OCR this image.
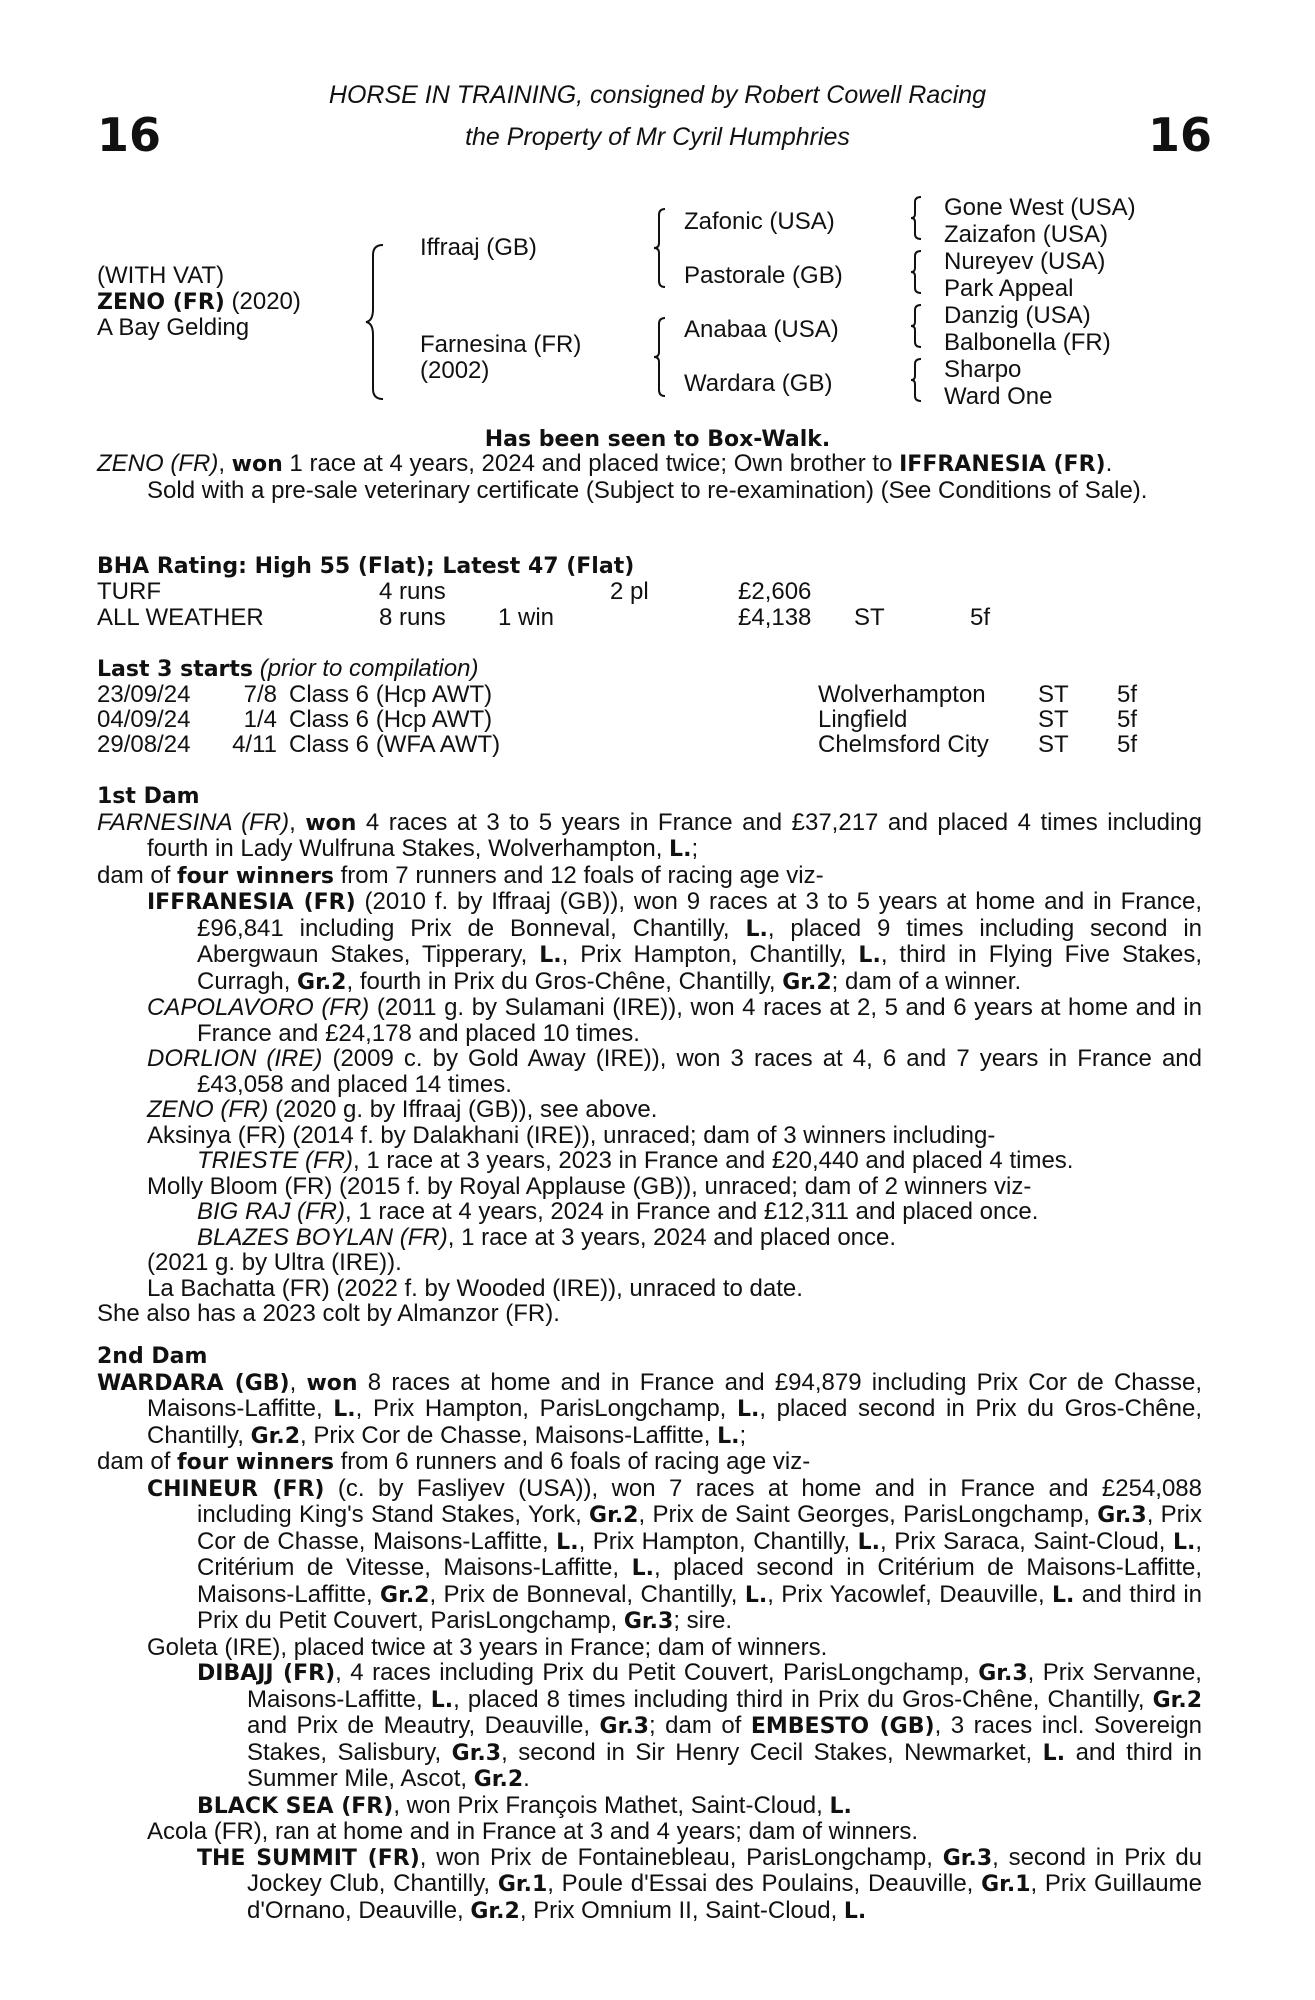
16	16
HORSE IN TRAINING, consigned by Robert Cowell Racing
the Property of Mr Cyril Humphries
(WITH VAT)
ZENO (FR) (2020)
A Bay Gelding
Iffraaj (GB)
Farnesina (FR)
(2002)
Zafonic (USA)
Pastorale (GB)
Anabaa (USA)
Wardara (GB)
Gone West (USA)
Zaizafon (USA)
Nureyev (USA)
Park Appeal
Danzig (USA)
Balbonella (FR)
Sharpo
Ward One
Has been seen to Box-Walk.
ZENO (FR), won 1 race at 4 years, 2024 and placed twice; Own brother to IFFRANESIA (FR).
Sold with a pre-sale veterinary certificate (Subject to re-examination) (See Conditions of Sale).
BHA Rating: High 55 (Flat); Latest 47 (Flat)
TURF	4 runs	2 pl	£2,606
ALL WEATHER	8 runs 1 win	£4,138 ST	5f
Last 3 starts (prior to compilation)
23/09/24	7/8 Class 6 (Hcp AWT)	Wolverhampton ST 5f
04/09/24	1/4 Class 6 (Hcp AWT)	Lingfield	ST 5f
29/08/24 4/11 Class 6 (WFA AWT)	Chelmsford City ST 5f
1st Dam
FARNESINA (FR), won 4 races at 3 to 5 years in France and £37,217 and placed 4 times including fourth in Lady Wulfruna Stakes, Wolverhampton, L.;
dam of four winners from 7 runners and 12 foals of racing age viz-
IFFRANESIA (FR) (2010 f. by Iffraaj (GB)), won 9 races at 3 to 5 years at home and in France, £96,841 including Prix de Bonneval, Chantilly, L., placed 9 times including second in Abergwaun Stakes, Tipperary, L., Prix Hampton, Chantilly, L., third in Flying Five Stakes, Curragh, Gr.2, fourth in Prix du Gros-Chêne, Chantilly, Gr.2; dam of a winner.
CAPOLAVORO (FR) (2011 g. by Sulamani (IRE)), won 4 races at 2, 5 and 6 years at home and in France and £24,178 and placed 10 times.
DORLION (IRE) (2009 c. by Gold Away (IRE)), won 3 races at 4, 6 and 7 years in France and £43,058 and placed 14 times.
ZENO (FR) (2020 g. by Iffraaj (GB)), see above.
Aksinya (FR) (2014 f. by Dalakhani (IRE)), unraced; dam of 3 winners including-
TRIESTE (FR), 1 race at 3 years, 2023 in France and £20,440 and placed 4 times.
Molly Bloom (FR) (2015 f. by Royal Applause (GB)), unraced; dam of 2 winners viz-
BIG RAJ (FR), 1 race at 4 years, 2024 in France and £12,311 and placed once.
BLAZES BOYLAN (FR), 1 race at 3 years, 2024 and placed once.
(2021 g. by Ultra (IRE)).
La Bachatta (FR) (2022 f. by Wooded (IRE)), unraced to date.
She also has a 2023 colt by Almanzor (FR).
2nd Dam
WARDARA (GB), won 8 races at home and in France and £94,879 including Prix Cor de Chasse, Maisons-Laffitte, L., Prix Hampton, ParisLongchamp, L., placed second in Prix du Gros-Chêne, Chantilly, Gr.2, Prix Cor de Chasse, Maisons-Laffitte, L.;
dam of four winners from 6 runners and 6 foals of racing age viz-
CHINEUR (FR) (c. by Fasliyev (USA)), won 7 races at home and in France and £254,088 including King's Stand Stakes, York, Gr.2, Prix de Saint Georges, ParisLongchamp, Gr.3, Prix Cor de Chasse, Maisons-Laffitte, L., Prix Hampton, Chantilly, L., Prix Saraca, Saint-Cloud, L., Critérium de Vitesse, Maisons-Laffitte, L., placed second in Critérium de Maisons-Laffitte, Maisons-Laffitte, Gr.2, Prix de Bonneval, Chantilly, L., Prix Yacowlef, Deauville, L. and third in Prix du Petit Couvert, ParisLongchamp, Gr.3; sire.
Goleta (IRE), placed twice at 3 years in France; dam of winners.
DIBAJJ (FR), 4 races including Prix du Petit Couvert, ParisLongchamp, Gr.3, Prix Servanne, Maisons-Laffitte, L., placed 8 times including third in Prix du Gros-Chêne, Chantilly, Gr.2 and Prix de Meautry, Deauville, Gr.3; dam of EMBESTO (GB), 3 races incl. Sovereign Stakes, Salisbury, Gr.3, second in Sir Henry Cecil Stakes, Newmarket, L. and third in Summer Mile, Ascot, Gr.2.
BLACK SEA (FR), won Prix François Mathet, Saint-Cloud, L.
Acola (FR), ran at home and in France at 3 and 4 years; dam of winners.
THE SUMMIT (FR), won Prix de Fontainebleau, ParisLongchamp, Gr.3, second in Prix du Jockey Club, Chantilly, Gr.1, Poule d'Essai des Poulains, Deauville, Gr.1, Prix Guillaume d'Ornano, Deauville, Gr.2, Prix Omnium II, Saint-Cloud, L.
